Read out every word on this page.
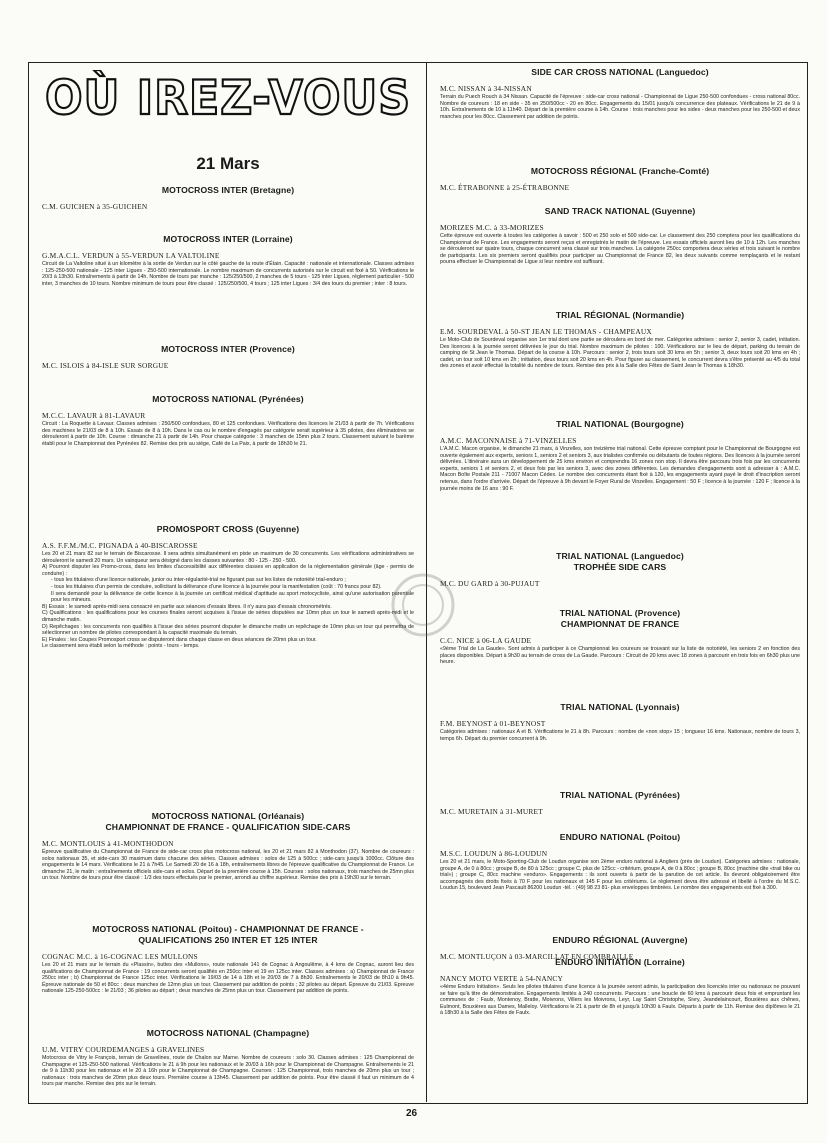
OÙ IREZ-VOUS
21 Mars
MOTOCROSS INTER (Bretagne)
C.M. GUICHEN à 35-GUICHEN
MOTOCROSS INTER (Lorraine)
G.M.A.C.L. VERDUN à 55-VERDUN LA VALTOLINE

Circuit de La Valtoline situé à un kilomètre à la sortie de Verdun sur le côté gauche de la route d'Étain. Capacité : nationale et internationale. Classes admises : 125-250-500 nationale - 125 inter Ligues - 250-500 internationale. Le nombre maximum de concurrents autorisés sur le circuit est fixé à 50. Vérifications le 20/3 à 13h30. Entraînements à partir de 14h. Nombre de tours par manche : 125/250/500, 2 manches de 5 tours - 125 inter Ligues, règlement particulier - 500 inter, 3 manches de 10 tours. Nombre minimum de tours pour être classé : 125/250/500, 4 tours ; 125 inter Ligues : 3/4 des tours du premier ; inter : 8 tours.

MOTOCROSS INTER (Provence)
M.C. ISLOIS à 84-ISLE SUR SORGUE
MOTOCROSS NATIONAL (Pyrénées)
M.C.C. LAVAUR à 81-LAVAUR

Circuit : La Roquette à Lavaur. Classes admises : 250/500 confondues, 80 et 125 confondues. Vérifications des licences le 21/03 à partir de 7h. Vérifications des machines le 21/03 de 8 à 10h. Essais de 8 à 10h. Dans le cas ou le nombre d'engagés par catégorie serait supérieur à 35 pilotes, des éliminatoires se dérouleront à partir de 10h. Course : dimanche 21 à partir de 14h. Pour chaque catégorie : 3 manches de 15mn plus 2 tours. Classement suivant le barème établi pour le Championnat des Pyrénées 82. Remise des prix au siège, Café de La Paix, à partir de 18h30 le 21.

PROMOSPORT CROSS (Guyenne)
A.S. F.F.M./M.C. PIGNADA à 40-BISCAROSSE

Les 20 et 21 mars 82 sur le terrain de Biscarosse. Il sera admis simultanément en piste un maximum de 30 concurrents. Les vérifications administratives se dérouleront le samedi 20 mars. Un vainqueur sera désigné dans les classes suivantes : 80 - 125 - 250 - 500.

A) Pourront disputer les Promo-cross, dans les limites d'accessibilité aux différentes classes en application de la réglementation générale (âge - permis de conduire) :

- tous les titulaires d'une licence nationale, junior ou inter-régularité-trial ne figurant pas sur les listes de notoriété trial-enduro ;

- tous les titulaires d'un permis de conduire, sollicitant la délivrance d'une licence à la journée pour la manifestation (coût : 70 francs pour 82).

Il sera demandé pour la délivrance de cette licence à la journée un certificat médical d'aptitude au sport motocycliste, ainsi qu'une autorisation parentale pour les mineurs.

B) Essais : le samedi après-midi sera consacré en partie aux séances d'essais libres. Il n'y aura pas d'essais chronométrés.

C) Qualifications : les qualifications pour les courses finales seront acquises à l'issue de séries disputées sur 10mn plus un tour le samedi après-midi et le dimanche matin.

D) Repêchages : les concurrents non qualifiés à l'issue des séries pourront disputer le dimanche matin un repêchage de 10mn plus un tour qui permettra de sélectionner un nombre de pilotes correspondant à la capacité maximale du terrain.

E) Finales : les Coupes Promosport cross se disputeront dans chaque classe en deux séances de 20mn plus un tour.

Le classement sera établi selon la méthode : points - tours - temps.

MOTOCROSS NATIONAL (Orléanais)
CHAMPIONNAT DE FRANCE - QUALIFICATION SIDE-CARS
M.C. MONTLOUIS à 41-MONTHODON

Épreuve qualificative du Championnat de France de side-car cross plus motocross national, les 20 et 21 mars 82 à Monthodon (37). Nombre de coureurs : solos nationaux 35, et side-cars 30 maximum dans chacune des séries. Classes admises : solos de 125 à 500cc ; side-cars jusqu'à 1000cc. Clôture des engagements le 14 mars. Vérifications le 21 à 7h45. Le Samedi 20 de 16 à 18h, entraînements libres de l'épreuve qualificative du Championnat de France. Le dimanche 21, le matin : entraînements officiels side-cars et solos. Départ de la première course à 15h. Courses : solos nationaux, trois manches de 25mn plus un tour. Nombre de tours pour être classé : 1/3 des tours effectués par le premier, arrondi au chiffre supérieur. Remise des prix à 19h30 sur le terrain.

MOTOCROSS NATIONAL (Poitou) - CHAMPIONNAT DE FRANCE -
QUALIFICATIONS 250 INTER ET 125 INTER
COGNAC M.C. à 16-COGNAC LES MULLONS

Les 20 et 21 mars sur le terrain du «Plassin», buttes des «Mullons», route nationale 141 de Cognac à Angoulême, à 4 kms de Cognac, auront lieu des qualifications de Championnat de France : 19 concurrents seront qualifiés en 250cc inter et 19 en 125cc inter. Classes admises : a) Championnat de France 250cc inter ; b) Championnat de France 125cc inter. Vérifications le 19/03 de 14 à 18h et le 20/03 de 7 à 8h30. Entraînements le 20/03 de 8h10 à 9h45. Épreuve nationale de 50 et 80cc : deux manches de 12mn plus un tour. Classement par addition de points ; 32 pilotes au départ. Épreuve du 21/03. Epreuve nationale 125-250-500cc : le 21/03 ; 36 pilotes au départ ; deux manches de 25mn plus un tour. Classement par addition de points.

MOTOCROSS NATIONAL (Champagne)
U.M. VITRY COURDEMANGES à GRAVELINES

Motocross de Vitry le François, terrain de Gravelines, route de Chalon sur Marne. Nombre de coureurs : solo 30. Classes admises : 125 Championnat de Champagne et 125-250-500 national. Vérifications le 21 à 9h pour les nationaux et le 20/03 à 16h pour le Championnat de Champagne. Entraînements le 21 de 9 à 11h30 pour les nationaux et le 20 à 16h pour le Championnat de Champagne. Courses : 125 Championnat, trois manches de 20mn plus un tour ; nationaux : trois manches de 20mn plus deux tours. Première course à 13h45. Classement par addition de points. Pour être classé il faut un minimum de 4 tours par manche. Remise des prix sur le terrain.

SIDE CAR CROSS NATIONAL (Languedoc)
M.C. NISSAN à 34-NISSAN

Terrain du Puech Rouch à 34 Nissan. Capacité de l'épreuve : side-car cross national - Championnat de Ligue 250-500 confondues - cross national 80cc. Nombre de coureurs : 18 en side - 35 en 250/500cc - 20 en 80cc. Engagements du 15/01 jusqu'à concurrence des plateaux. Vérifications le 21 de 9 à 10h. Entraînements de 10 à 11h40. Départ de la première course à 14h. Course : trois manches pour les sides - deux manches pour les 250-500 et deux manches pour les 80cc. Classement par addition de points.

MOTOCROSS RÉGIONAL (Franche-Comté)
M.C. ÉTRABONNE à 25-ÉTRABONNE
SAND TRACK NATIONAL (Guyenne)
MORIZES M.C. à 33-MORIZES

Cette épreuve est ouverte à toutes les catégories à savoir : 500 et 250 solo et 500 side-car. Le classement des 250 comptera pour les qualifications du Championnat de France. Les engagements seront reçus et enregistrés le matin de l'épreuve. Les essais officiels auront lieu de 10 à 12h. Les manches se dérouleront sur quatre tours, chaque concurrent sera classé sur trois manches. La catégorie 250cc comportera deux séries et trois suivant le nombre de participants. Les six premiers seront qualifiés pour participer au Championnat de France 82, les deux suivants comme remplaçants et le restant pourra effectuer le Championnat de Ligue si leur nombre est suffisant.

TRIAL RÉGIONAL (Normandie)
E.M. SOURDEVAL à 50-ST JEAN LE THOMAS - CHAMPEAUX

Le Moto-Club de Sourdeval organise son 1er trial dont une partie se déroulera en bord de mer. Catégories admises : senior 2, senior 3, cadet, initiation. Des licences à la journée seront délivrées le jour du trial. Nombre maximum de pilotes : 100. Vérifications sur le lieu de départ, parking du terrain de camping de St Jean le Thomas. Départ de la course à 10h. Parcours : senior 2, trois tours soit 30 kms en 5h ; senior 3, deux tours soit 20 kms en 4h ; cadet, un tour soit 10 kms en 2h ; initiation, deux tours soit 20 kms en 4h. Pour figurer au classement, le concurrent devra s'être présenté au 4/5 du total des zones et avoir effectué la totalité du nombre de tours. Remise des prix à la Salle des Fêtes de Saint Jean le Thomas à 18h30.

TRIAL NATIONAL (Bourgogne)
A.M.C. MACONNAISE à 71-VINZELLES

L'A.M.C. Macon organise, le dimanche 21 mars, à Vinzelles, son treizième trial national. Cette épreuve comptant pour le Championnat de Bourgogne est ouverte également aux experts, seniors 1, seniors 2 et seniors 3, aux trialistes confirmés ou débutants de toutes régions. Des licences à la journée seront délivrées. L'itinéraire aura un développement de 25 kms environ et comprendra 16 zones non stop. Il devra être parcouru trois fois par les concurrents experts, seniors 1 et seniors 2, et deux fois par les seniors 3, avec des zones différentes. Les demandes d'engagements sont à adresser à : A.M.C. Macon Boîte Postale 211 - 71007 Macon Cédex. Le nombre des concurrents étant fixé à 120, les engagements ayant payé le droit d'inscription seront retenus, dans l'ordre d'arrivée. Départ de l'épreuve à 9h devant le Foyer Rural de Vinzelles. Engagement : 50 F ; licence à la journée : 120 F ; licence à la journée moins de 16 ans : 90 F.

TRIAL NATIONAL (Languedoc)
TROPHÉE SIDE CARS
M.C. DU GARD à 30-PUJAUT
TRIAL NATIONAL (Provence)
CHAMPIONNAT DE FRANCE
C.C. NICE à 06-LA GAUDE

«9ème Trial de La Gaude». Sont admis à participer à ce Championnat les coureurs se trouvant sur la liste de notoriété, les seniors 2 en fonction des places disponibles. Départ à 9h30 au terrain de cross de La Gaude. Parcours : Circuit de 20 kms avec 18 zones à parcourir en trois fois en 6h30 plus une heure.

TRIAL NATIONAL (Lyonnais)
F.M. BEYNOST à 01-BEYNOST

Catégories admises : nationaux A et B. Vérifications le 21 à 8h. Parcours : nombre de «non stop» 15 ; longueur 16 kms. Nationaux, nombre de tours 3, temps 6h. Départ du premier concurrent à 9h.

TRIAL NATIONAL (Pyrénées)
M.C. MURETAIN à 31-MURET
ENDURO NATIONAL (Poitou)
M.S.C. LOUDUN à 86-LOUDUN

Les 20 et 21 mars, le Moto-Sporting-Club de Loudun organise son 2ème enduro national à Angliers (près de Loudun). Catégories admises : nationale, groupe A, de 0 à 80cc ; groupe B, de 80 à 125cc ; groupe C, plus de 125cc - critérium, groupe A, de 0 à 80cc ; groupe B, 80cc (machine dite «trail bike ou trial») ; groupe C, 80cc machine «enduro». Engagements : ils sont ouverts à partir de la parution de cet article. Ils devront obligatoirement être accompagnés des droits fixés à 70 F pour les nationaux et 145 F pour les critériums. Le règlement devra être adressé et libellé à l'ordre du M.S.C. Loudun 15, boulevard Jean Pascault 86200 Loudun -tél. : (49) 98 23 81- plus enveloppes timbrées. Le nombre des engagements est fixé à 300.

ENDURO RÉGIONAL (Auvergne)
M.C. MONTLUÇON à 03-MARCILLAT EN COMBRAILLE
ENDURO INITIATION (Lorraine)
NANCY MOTO VERTE à 54-NANCY

«4ème Enduro Initiation». Seuls les pilotes titulaires d'une licence à la journée seront admis, la participation des licenciés inter ou nationaux ne pouvant se faire qu'à titre de démonstration. Engagements limités à 240 concurrents. Parcours : une boucle de 60 kms à parcourir deux fois et empruntant les communes de : Faulx, Montenoy, Bratte, Moivrons, Villers les Moivrons, Leyr, Lay Saint Christophe, Sivry, Jeandelaincourt, Bouxières aux chênes, Eulmont, Bouxières aux Dames, Malleloy. Vérifications le 21 à partir de 8h et jusqu'à 10h30 à Faulx. Départs à partir de 11h. Remise des diplômes le 21 à 18h30 à la Salle des Fêtes de Faulx.

26
